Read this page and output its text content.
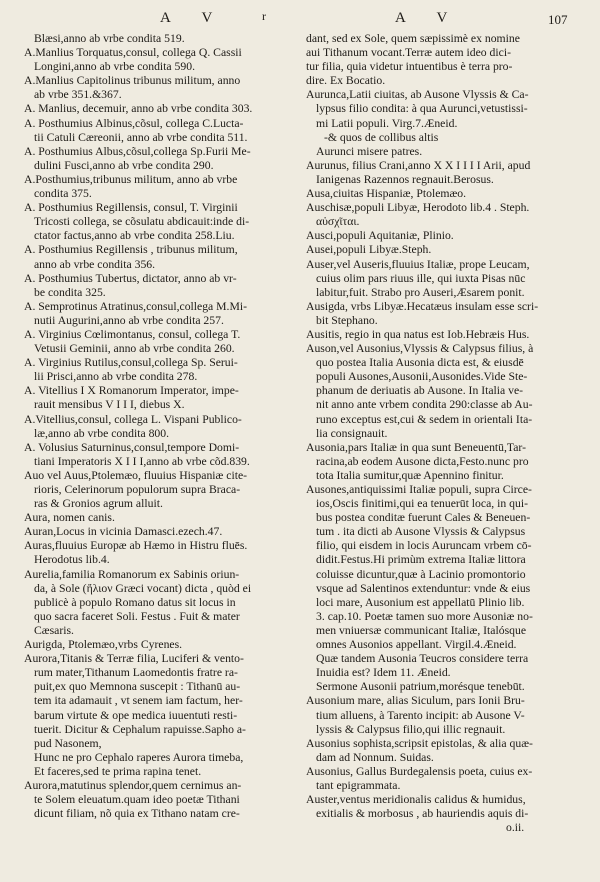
A V	r	A V	107
Blæsi,anno ab vrbe condita 519.
A.Manlius Torquatus,consul, collega Q. Cassii
Longini,anno ab vrbe condita 590.
A.Manlius Capitolinus tribunus militum, anno
ab vrbe 351.&367.
A. Manlius, decemuir, anno ab vrbe condita 303.
A. Posthumius Albinus,cõsul, collega C.Luctа-
tii Catuli Cæreonii, anno ab vrbe condita 511.
A. Posthumius Albus,cõsul,collega Sp.Furii Me-
dulini Fusci,anno ab vrbe condita 290.
A.Posthumius,tribunus militum, anno ab vrbe
condita 375.
A. Posthumius Regillensis, consul, T. Virginii
Tricosti collega, se cõsulatu abdicauit:inde di-
ctator factus,anno ab vrbe condita 258.Liu.
A. Posthumius Regillensis , tribunus militum,
anno ab vrbe condita 356.
A. Posthumius Tubertus, dictator, anno ab vr-
be condita 325.
A. Semprotinus Atratinus,consul,collega M.Mi-
nutii Augurini,anno ab vrbe condita 257.
A. Virginius Cœlimontanus, consul, collega T.
Vetusii Geminii, anno ab vrbe condita 260.
A. Virginius Rutilus,consul,collega Sp. Seruі-
lii Prisci,anno ab vrbe condita 278.
A. Vitellius I X Romanorum Imperator, impe-
rauit mensibus V I I I, diebus X.
A.Vitellius,consul, collega L. Vispani Publico-
læ,anno ab vrbe condita 800.
A. Volusius Saturninus,consul,tempore Domi-
tiani Imperatoris X I I I,anno ab vrbe cõd.839.
Auo vel Auus,Ptolemæo, fluuius Hispaniæ cite-
rioris, Celerinorum populorum supra Braca-
ras & Gronios agrum alluit.
Aura, nomen canis.
Auran,Locus in vicinia Damasci.ezech.47.
Auras,fluuius Europæ ab Hæmo in Histru fluēs.
Herodotus lib.4.
Aurelia,familia Romanorum ex Sabinis oriun-
da, à Sole (ἤλιον Græci vocant) dicta , quòd ei
publicè à populo Romano datus sit locus in
quo sacra faceret Soli. Festus . Fuit & mater
Cæsaris.
Aurigda, Ptolemæo,vrbs Cyrenes.
Aurora,Titanis & Terræ filia, Luciferi & vento-
rum mater,Tithanum Laomedontis fratre ra-
puit,ex quo Memnona suscepit : Tithanū au-
tem ita adamauit , vt senem iam factum, her-
barum virtute & ope medica iuuentuti resti-
tuerit. Dicitur & Cephalum rapuisse.Sapho a-
pud Nasonem,
Hunc ne pro Cephalo raperes Aurora timeba,
Et faceres,sed te prima rapina tenet.
Aurora,matutinus splendor,quem cernimus an-
te Solem eleuatum.quam ideo poetæ Tithani
dicunt filiam, nõ quia ex Tithano natam cre-
dant, sed ex Sole, quem sæpissimè ex nomine
aui Tithanum vocant.Terræ autem ideo dici-
tur filia, quia videtur intuentibus è terra pro-
dire. Ex Bocatio.
Auruncа,Latii ciuitas, ab Ausone Vlyssis & Ca-
lypsus filio condita: à qua Aurunci,vetustissi-
mi Latii populi. Virg.7.Æneid.
-& quos de collibus altis
Aurunci misere patres.
Aurunus, filius Crani,anno X X I I I I Arii, apud
Ianigenas Razennos regnauit.Berosus.
Ausa,ciuitas Hispaniæ, Ptolemæo.
Auschisæ,populi Libyæ, Herodoto lib.4 . Steph.
αὐσχῖται.
Ausci,populi Aquitaniæ, Plinio.
Ausei,populi Libyæ.Steph.
Auser,vel Auseris,fluuius Italiæ, prope Leucam,
cuius olim pars riuus ille, qui iuxta Pisas nūc
labitur,fuit. Strabo pro Auseri,Æsarem ponit.
Ausigda, vrbs Libyæ.Hecatæus insulam esse scri-
bit Stephano.
Ausitis, regio in qua natus est Iob.Hebræis Hus.
Auson,vel Ausonius,Vlyssis & Calypsus filius, à
quo postea Italia Ausonia dicta est, & eiusdē
populi Ausones,Ausonii,Ausonides.Vide Ste-
phanum de deriuatis ab Ausone. In Italiа ve-
nit anno ante vrbem condita 290:classe ab Au-
runo exceptus est,cui & sedem in orientali Ita-
lia consignauit.
Ausonia,pars Italiæ in qua sunt Beneuentū,Tar-
racina,ab eodem Ausone dicta,Festo.nunc pro
tota Italia sumitur,quæ Apennino finitur.
Ausones,antiquissimi Italiæ populi, supra Circe-
ios,Oscis finitimi,qui ea tenuerūt loca, in qui-
bus postea conditæ fuerunt Cales & Beneuen-
tum . ita dicti ab Ausone Vlyssis & Calypsus
filio, qui eisdem in locis Auruncam vrbem cō-
didit.Festus.Hi primùm extrema Italiæ littora
coluisse dicuntur,quæ à Lacinio promontorio
vsque ad Salentinos extenduntur: vnde & eius
loci mare, Ausonium est appellatū Plinio lib.
3. cap.10. Poetæ tamen suo more Ausoniæ no-
men vniuersæ communicant Italiæ, Italósque
omnes Ausonios appellant. Virgil.4.Æneid.
Quæ tandem Ausonia Teucros considere terra
Inuidia est? Idem 11. Æneid.
Sermone Ausonii patrium,morésque tenebūt.
Ausonium mare, alias Siculum, pars Ionii Bru-
tium alluens, à Tarento incipit: ab Ausone V-
lyssis & Calypsus filio,qui illic regnauit.
Ausonius sophista,scripsit epistolas, & alia quæ-
dam ad Nonnum. Suidas.
Ausonius, Gallus Burdegalensis poeta, cuius ex-
tant epigrammata.
Auster,ventus meridionalis calidus & humidus,
exitialis & morbosus , ab hauriendis aquis di-
o.ii.
